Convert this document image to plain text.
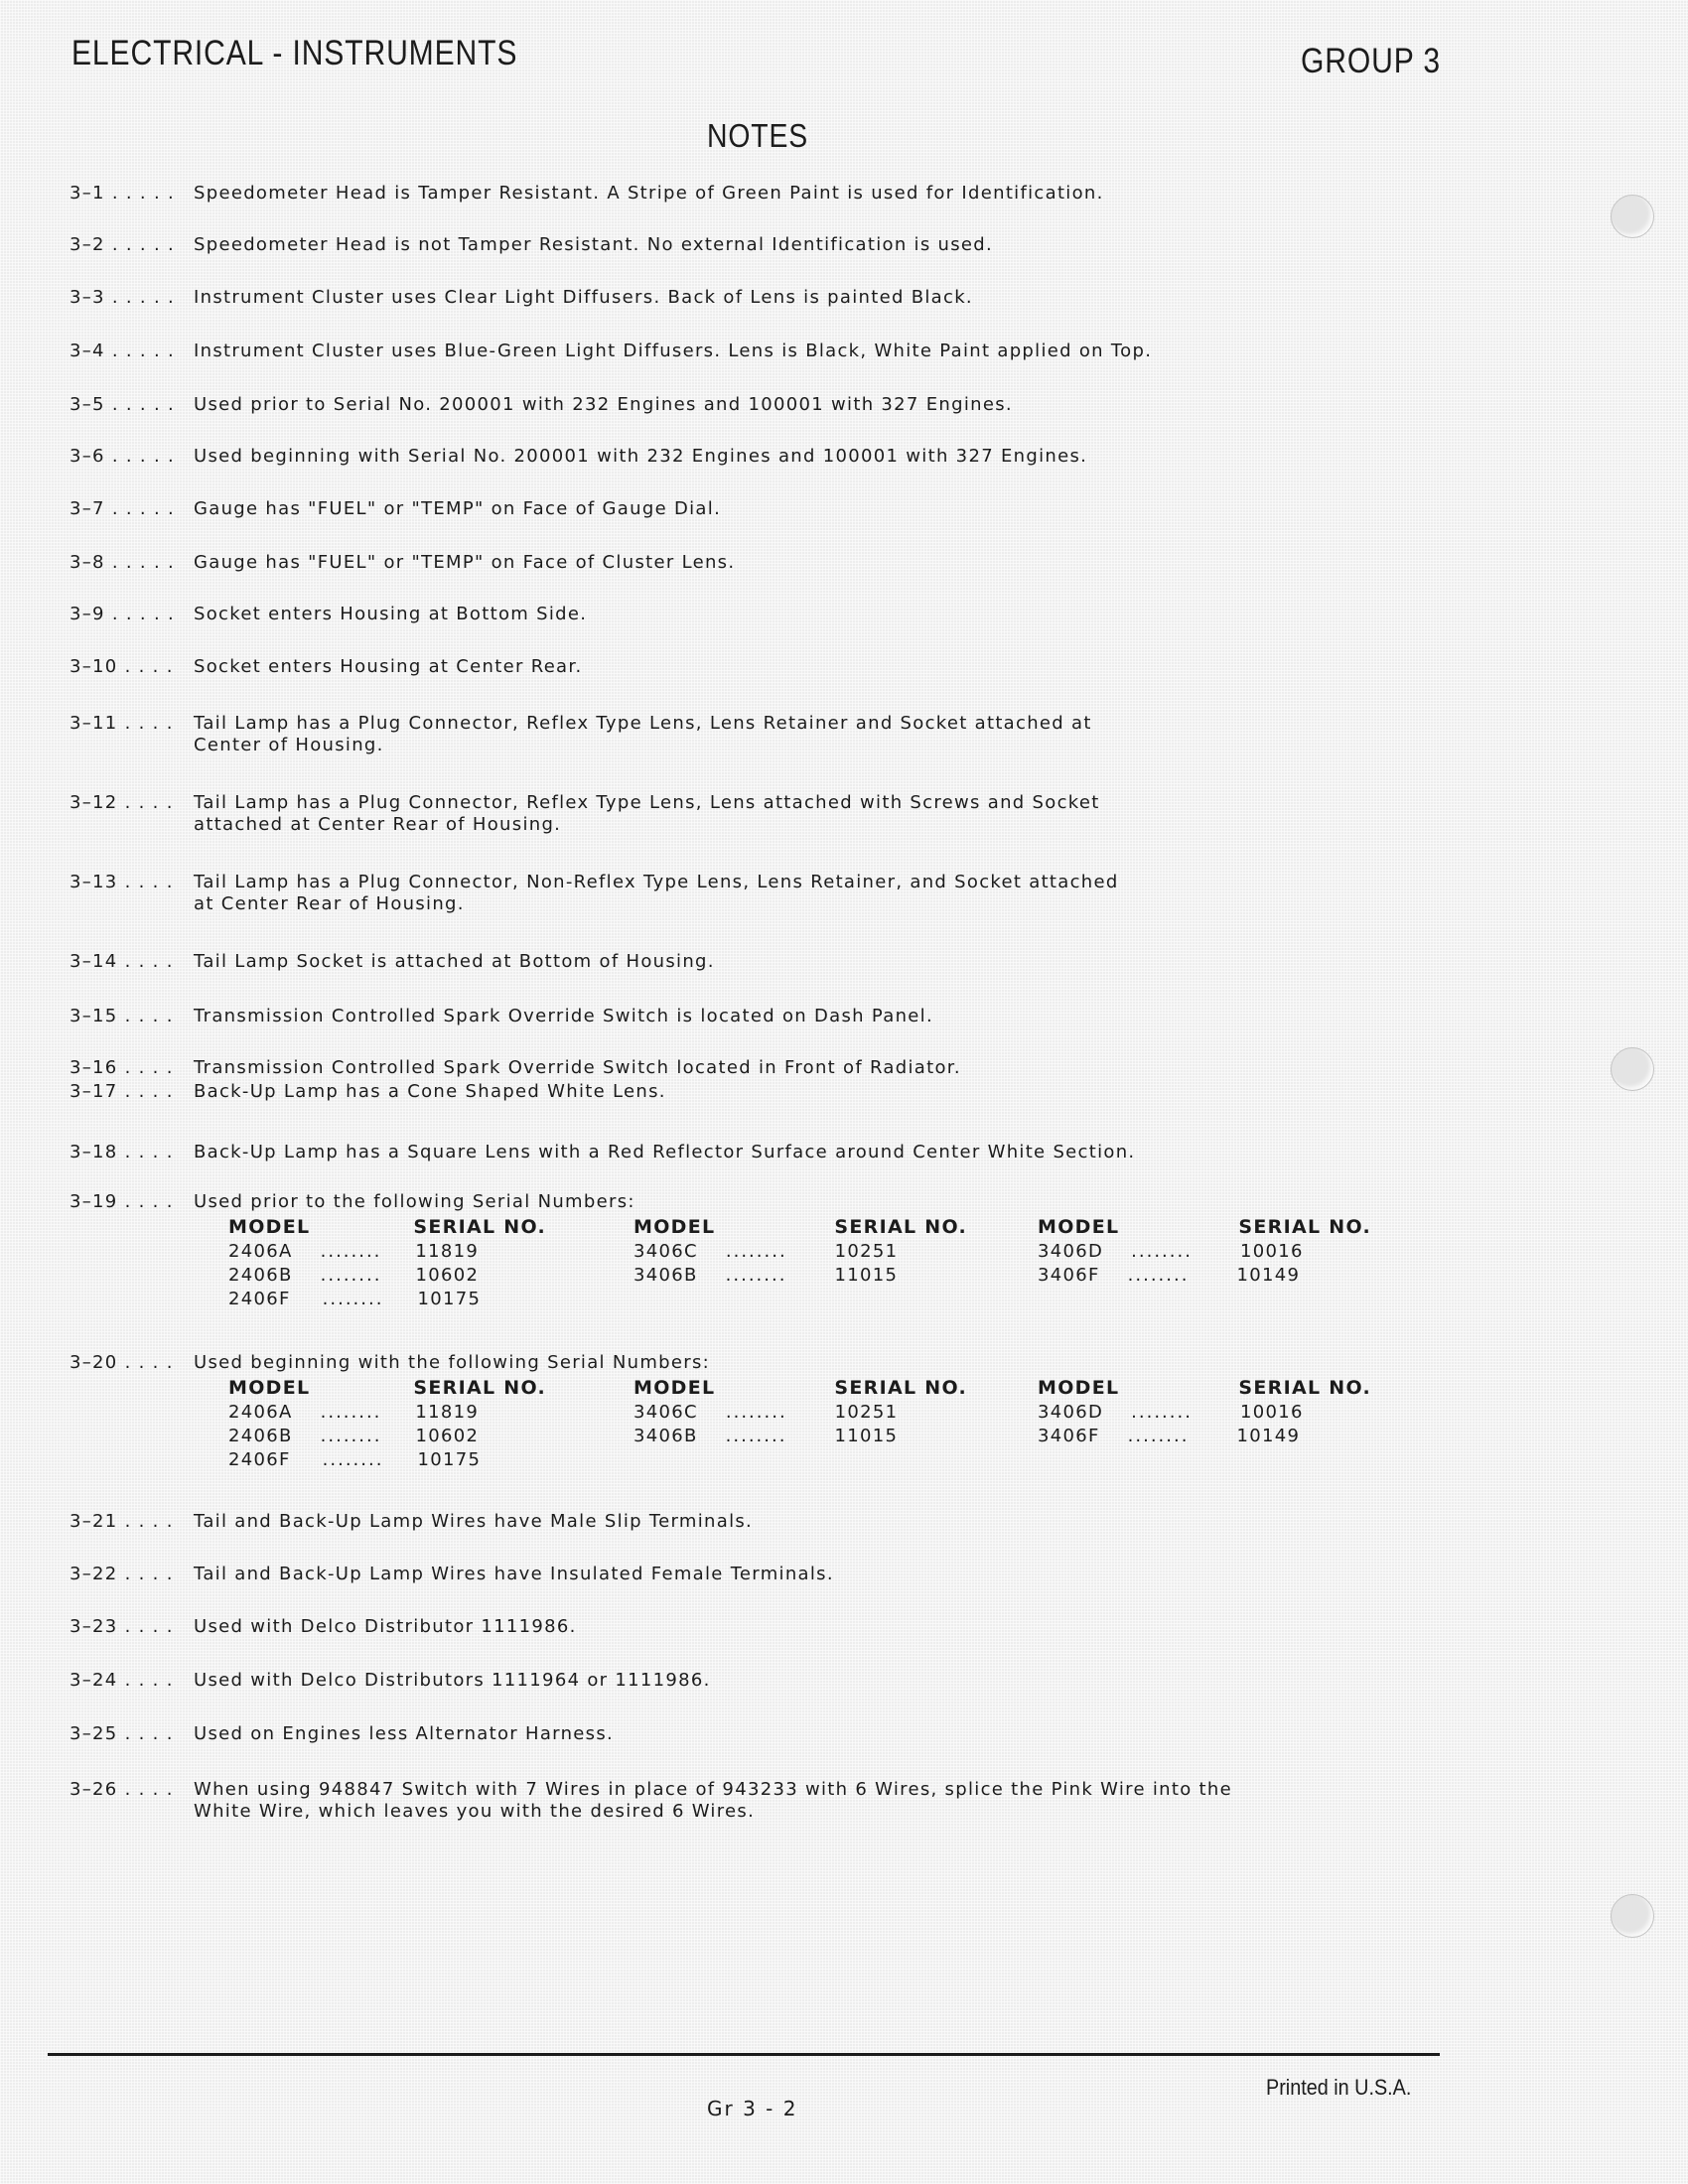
ELECTRICAL - INSTRUMENTS	GROUP 3
NOTES
3–1 . . . . . Speedometer Head is Tamper Resistant. A Stripe of Green Paint is used for Identification.
3–2 . . . . . Speedometer Head is not Tamper Resistant. No external Identification is used.
3–3 . . . . . Instrument Cluster uses Clear Light Diffusers. Back of Lens is painted Black.
3–4 . . . . . Instrument Cluster uses Blue-Green Light Diffusers. Lens is Black, White Paint applied on Top.
3–5 . . . . . Used prior to Serial No. 200001 with 232 Engines and 100001 with 327 Engines.
3–6 . . . . . Used beginning with Serial No. 200001 with 232 Engines and 100001 with 327 Engines.
3–7 . . . . . Gauge has "FUEL" or "TEMP" on Face of Gauge Dial.
3–8 . . . . . Gauge has "FUEL" or "TEMP" on Face of Cluster Lens.
3–9 . . . . . Socket enters Housing at Bottom Side.
3–10 . . . . Socket enters Housing at Center Rear.
3–11 . . . . Tail Lamp has a Plug Connector, Reflex Type Lens, Lens Retainer and Socket attached at
Center of Housing.
3–12 . . . . Tail Lamp has a Plug Connector, Reflex Type Lens, Lens attached with Screws and Socket
attached at Center Rear of Housing.
3–13 . . . . Tail Lamp has a Plug Connector, Non-Reflex Type Lens, Lens Retainer, and Socket attached
at Center Rear of Housing.
3–14 . . . . Tail Lamp Socket is attached at Bottom of Housing.
3–15 . . . . Transmission Controlled Spark Override Switch is located on Dash Panel.
3–16 . . . . Transmission Controlled Spark Override Switch located in Front of Radiator.
3–17 . . . . Back-Up Lamp has a Cone Shaped White Lens.
3–18 . . . . Back-Up Lamp has a Square Lens with a Red Reflector Surface around Center White Section.
3–19 . . . . Used prior to the following Serial Numbers:
MODEL	SERIAL NO.
2406A ........ 11819
2406B ........ 10602
2406F ........ 10175
MODEL	SERIAL NO.
3406C ........	10251
3406B ........	11015
MODEL	SERIAL NO.
3406D ........	10016
3406F ........	10149
3–20 . . . . Used beginning with the following Serial Numbers:
MODEL	SERIAL NO.
2406A ........ 11819
2406B ........ 10602
2406F ........ 10175
MODEL	SERIAL NO.
3406C ........	10251
3406B ........	11015
MODEL	SERIAL NO.
3406D ........	10016
3406F ........	10149
3–21 . . . . Tail and Back-Up Lamp Wires have Male Slip Terminals.
3–22 . . . . Tail and Back-Up Lamp Wires have Insulated Female Terminals.
3–23 . . . . Used with Delco Distributor 1111986.
3–24 . . . . Used with Delco Distributors 1111964 or 1111986.
3–25 . . . . Used on Engines less Alternator Harness.
3–26 . . . . When using 948847 Switch with 7 Wires in place of 943233 with 6 Wires, splice the Pink Wire into the
White Wire, which leaves you with the desired 6 Wires.
Printed in U.S.A.
Gr 3 - 2
